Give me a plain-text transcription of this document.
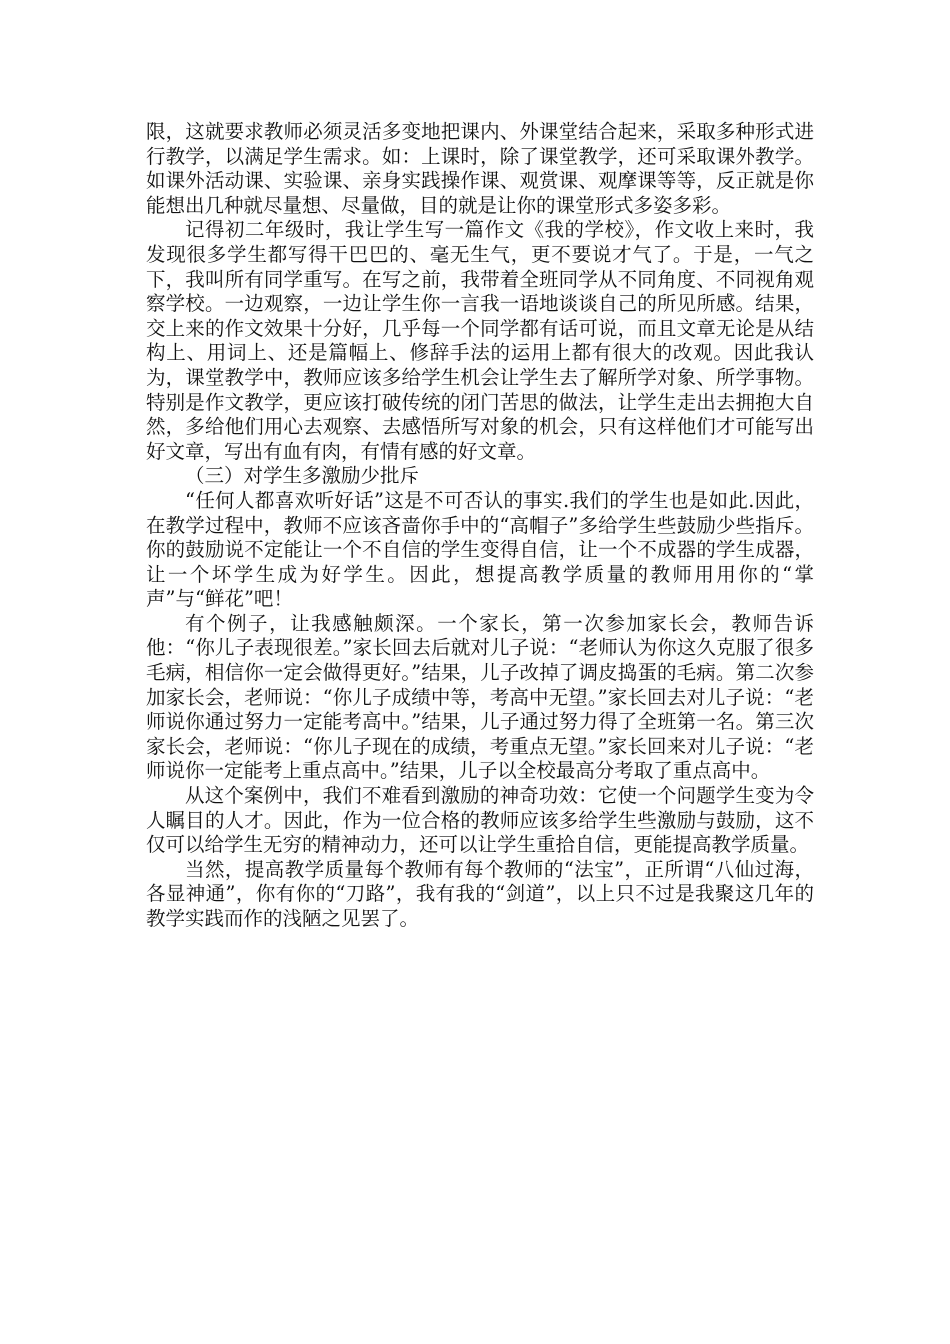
限，这就要求教师必须灵活多变地把课内、外课堂结合起来，采取多种形式进行教学，以满足学生需求。如：上课时，除了课堂教学，还可采取课外教学。如课外活动课、实验课、亲身实践操作课、观赏课、观摩课等等，反正就是你能想出几种就尽量想、尽量做，目的就是让你的课堂形式多姿多彩。

记得初二年级时，我让学生写一篇作文《我的学校》，作文收上来时，我发现很多学生都写得干巴巴的、毫无生气，更不要说才气了。于是，一气之下，我叫所有同学重写。在写之前，我带着全班同学从不同角度、不同视角观察学校。一边观察，一边让学生你一言我一语地谈谈自己的所见所感。结果，交上来的作文效果十分好，几乎每一个同学都有话可说，而且文章无论是从结构上、用词上、还是篇幅上、修辞手法的运用上都有很大的改观。因此我认为，课堂教学中，教师应该多给学生机会让学生去了解所学对象、所学事物。特别是作文教学，更应该打破传统的闭门苦思的做法，让学生走出去拥抱大自然，多给他们用心去观察、去感悟所写对象的机会，只有这样他们才可能写出好文章，写出有血有肉，有情有感的好文章。

（三）对学生多激励少批斥

“任何人都喜欢听好话”这是不可否认的事实.我们的学生也是如此.因此，在教学过程中，教师不应该吝啬你手中的“高帽子”多给学生些鼓励少些指斥。你的鼓励说不定能让一个不自信的学生变得自信，让一个不成器的学生成器，让一个坏学生成为好学生。因此，想提高教学质量的教师用用你的“掌声”与“鲜花”吧！

有个例子，让我感触颇深。一个家长，第一次参加家长会，教师告诉他：“你儿子表现很差。”家长回去后就对儿子说：“老师认为你这久克服了很多毛病，相信你一定会做得更好。”结果，儿子改掉了调皮捣蛋的毛病。第二次参加家长会，老师说：“你儿子成绩中等，考高中无望。”家长回去对儿子说：“老师说你通过努力一定能考高中。”结果，儿子通过努力得了全班第一名。第三次家长会，老师说：“你儿子现在的成绩，考重点无望。”家长回来对儿子说：“老师说你一定能考上重点高中。”结果，儿子以全校最高分考取了重点高中。

从这个案例中，我们不难看到激励的神奇功效：它使一个问题学生变为令人瞩目的人才。因此，作为一位合格的教师应该多给学生些激励与鼓励，这不仅可以给学生无穷的精神动力，还可以让学生重拾自信，更能提高教学质量。

当然，提高教学质量每个教师有每个教师的“法宝”，正所谓“八仙过海，各显神通”，你有你的“刀路”，我有我的“剑道”，以上只不过是我聚这几年的教学实践而作的浅陋之见罢了。
